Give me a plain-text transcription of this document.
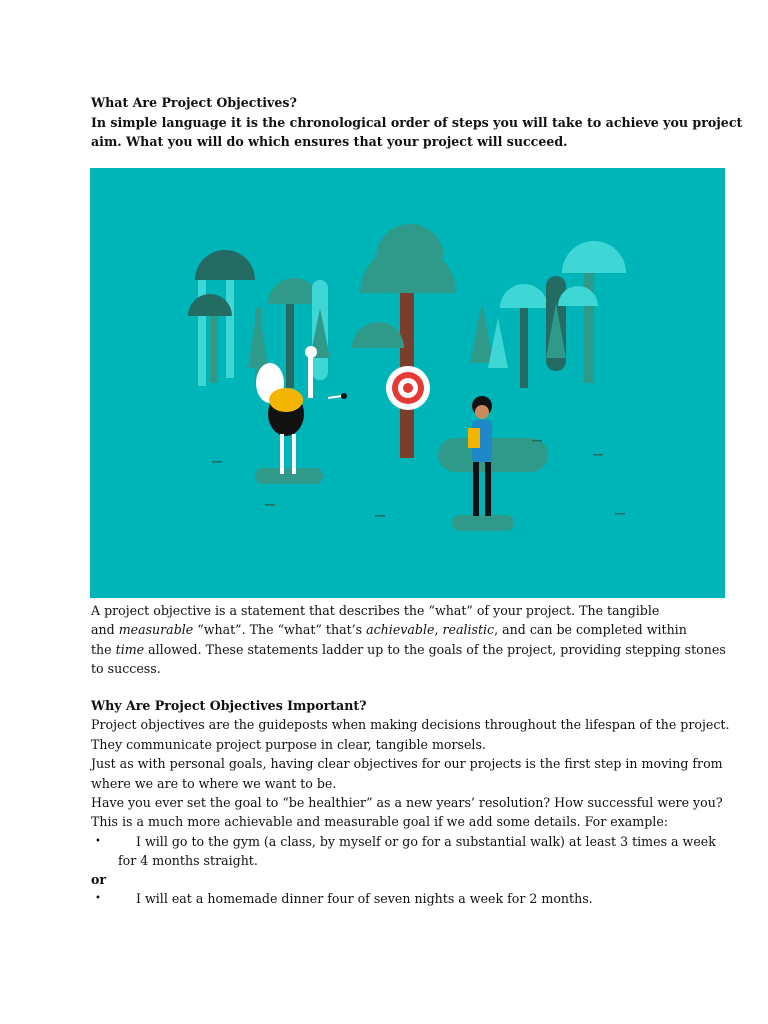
What Are Project Objectives?
In simple language it is the chronological order of steps you will take to achieve you project
aim. What you will do which ensures that your project will succeed.
A project objective is a statement that describes the “what” of your project. The tangible
and measurable “what”. The “what” that’s achievable, realistic, and can be completed within
the time allowed. These statements ladder up to the goals of the project, providing stepping stones
to success.
Why Are Project Objectives Important?
Project objectives are the guideposts when making decisions throughout the lifespan of the project.
They communicate project purpose in clear, tangible morsels.
Just as with personal goals, having clear objectives for our projects is the first step in moving from
where we are to where we want to be.
Have you ever set the goal to “be healthier” as a new years’ resolution? How successful were you?
This is a much more achievable and measurable goal if we add some details. For example:
•	I will go to the gym (a class, by myself or go for a substantial walk) at least 3 times a week
for 4 months straight.
or
•	I will eat a homemade dinner four of seven nights a week for 2 months.
